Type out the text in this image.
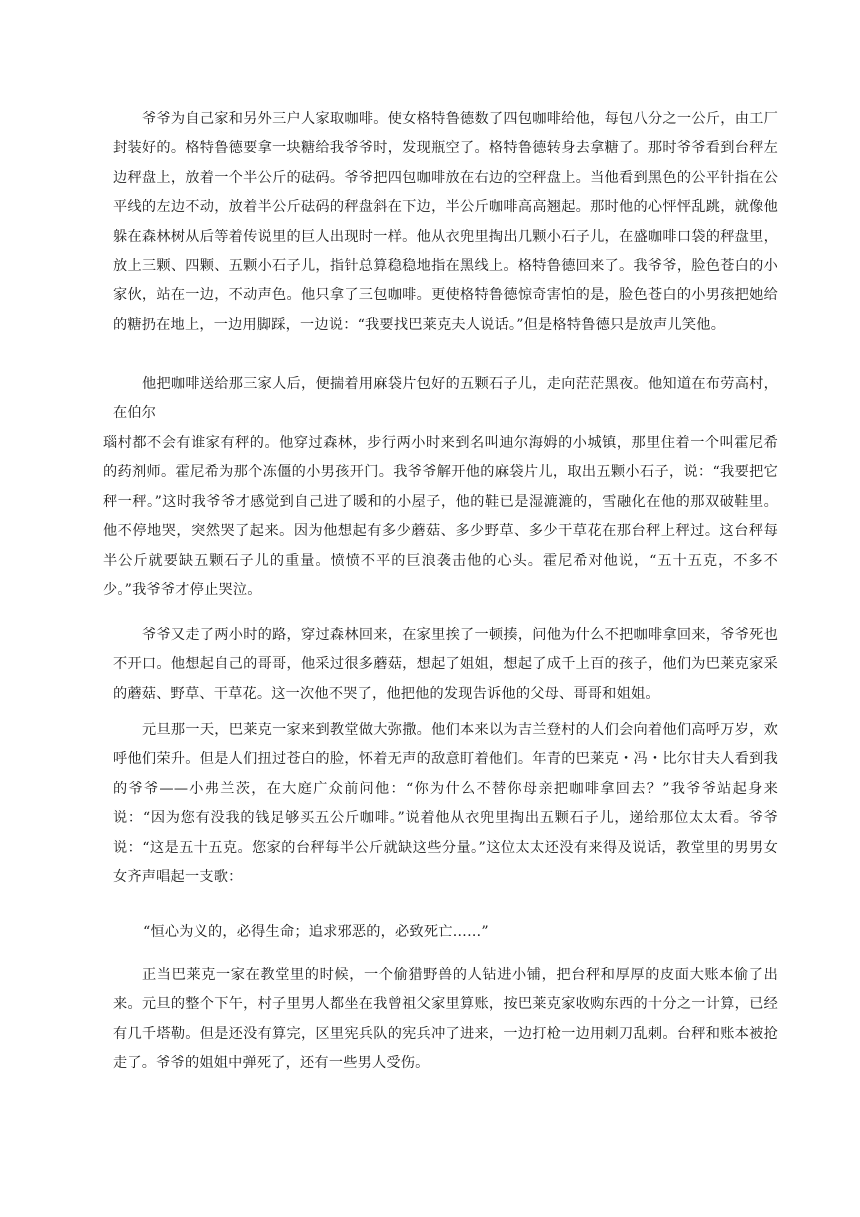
爷爷为自己家和另外三户人家取咖啡。使女格特鲁德数了四包咖啡给他，每包八分之一公斤，由工厂封装好的。格特鲁德要拿一块糖给我爷爷时，发现瓶空了。格特鲁德转身去拿糖了。那时爷爷看到台秤左边秤盘上，放着一个半公斤的砝码。爷爷把四包咖啡放在右边的空秤盘上。当他看到黑色的公平针指在公平线的左边不动，放着半公斤砝码的秤盘斜在下边，半公斤咖啡高高翘起。那时他的心怦怦乱跳，就像他躲在森林树从后等着传说里的巨人出现时一样。他从衣兜里掏出几颗小石子儿，在盛咖啡口袋的秤盘里，放上三颗、四颗、五颗小石子儿，指针总算稳稳地指在黑线上。格特鲁德回来了。我爷爷，脸色苍白的小家伙，站在一边，不动声色。他只拿了三包咖啡。更使格特鲁德惊奇害怕的是，脸色苍白的小男孩把她给的糖扔在地上，一边用脚踩，一边说：“我要找巴莱克夫人说话。”但是格特鲁德只是放声儿笑他。

他把咖啡送给那三家人后，便揣着用麻袋片包好的五颗石子儿，走向茫茫黑夜。他知道在布劳高村，在伯尔

瑙村都不会有谁家有秤的。他穿过森林，步行两小时来到名叫迪尔海姆的小城镇，那里住着一个叫霍尼希的药剂师。霍尼希为那个冻僵的小男孩开门。我爷爷解开他的麻袋片儿，取出五颗小石子，说：“我要把它秤一秤。”这时我爷爷才感觉到自己进了暖和的小屋子，他的鞋已是湿漉漉的，雪融化在他的那双破鞋里。他不停地哭，突然哭了起来。因为他想起有多少蘑菇、多少野草、多少干草花在那台秤上秤过。这台秤每半公斤就要缺五颗石子儿的重量。愤愤不平的巨浪袭击他的心头。霍尼希对他说，“五十五克，不多不少。”我爷爷才停止哭泣。

爷爷又走了两小时的路，穿过森林回来，在家里挨了一顿揍，问他为什么不把咖啡拿回来，爷爷死也不开口。他想起自己的哥哥，他采过很多蘑菇，想起了姐姐，想起了成千上百的孩子，他们为巴莱克家采的蘑菇、野草、干草花。这一次他不哭了，他把他的发现告诉他的父母、哥哥和姐姐。

元旦那一天，巴莱克一家来到教堂做大弥撒。他们本来以为吉兰登村的人们会向着他们高呼万岁，欢呼他们荣升。但是人们扭过苍白的脸，怀着无声的敌意盯着他们。年青的巴莱克・冯・比尔甘夫人看到我的爷爷——小弗兰茨，在大庭广众前问他：“你为什么不替你母亲把咖啡拿回去？”我爷爷站起身来说：“因为您有没我的钱足够买五公斤咖啡。”说着他从衣兜里掏出五颗石子儿，递给那位太太看。爷爷说：“这是五十五克。您家的台秤每半公斤就缺这些分量。”这位太太还没有来得及说话，教堂里的男男女女齐声唱起一支歌：

“恒心为义的，必得生命；追求邪恶的，必致死亡……”

正当巴莱克一家在教堂里的时候，一个偷猎野兽的人钻进小铺，把台秤和厚厚的皮面大账本偷了出来。元旦的整个下午，村子里男人都坐在我曾祖父家里算账，按巴莱克家收购东西的十分之一计算，已经有几千塔勒。但是还没有算完，区里宪兵队的宪兵冲了进来，一边打枪一边用刺刀乱刺。台秤和账本被抢走了。爷爷的姐姐中弹死了，还有一些男人受伤。
